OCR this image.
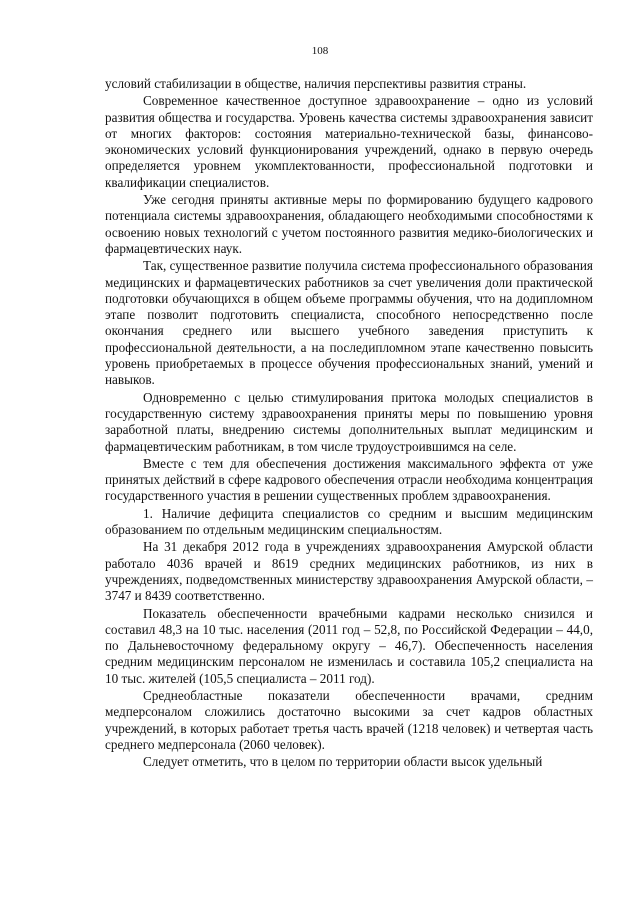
108

условий стабилизации в обществе, наличия перспективы развития страны.

Современное качественное доступное здравоохранение – одно из условий развития общества и государства. Уровень качества системы здравоохранения зависит от многих факторов: состояния материально-технической базы, финансово-экономических условий функционирования учреждений, однако в первую очередь определяется уровнем укомплектованности, профессиональной подготовки и квалификации специалистов.

Уже сегодня приняты активные меры по формированию будущего кадрового потенциала системы здравоохранения, обладающего необходимыми способностями к освоению новых технологий с учетом постоянного развития медико-биологических и фармацевтических наук.

Так, существенное развитие получила система профессионального образования медицинских и фармацевтических работников за счет увеличения доли практической подготовки обучающихся в общем объеме программы обучения, что на додипломном этапе позволит подготовить специалиста, способного непосредственно после окончания среднего или высшего учебного заведения приступить к профессиональной деятельности, а на последипломном этапе качественно повысить уровень приобретаемых в процессе обучения профессиональных знаний, умений и навыков.

Одновременно с целью стимулирования притока молодых специалистов в государственную систему здравоохранения приняты меры по повышению уровня заработной платы, внедрению системы дополнительных выплат медицинским и фармацевтическим работникам, в том числе трудоустроившимся на селе.

Вместе с тем для обеспечения достижения максимального эффекта от уже принятых действий в сфере кадрового обеспечения отрасли необходима концентрация государственного участия в решении существенных проблем здравоохранения.

1. Наличие дефицита специалистов со средним и высшим медицинским образованием по отдельным медицинским специальностям.

На 31 декабря 2012 года в учреждениях здравоохранения Амурской области работало 4036 врачей и 8619 средних медицинских работников, из них в учреждениях, подведомственных министерству здравоохранения Амурской области, – 3747 и 8439 соответственно.

Показатель обеспеченности врачебными кадрами несколько снизился и составил 48,3 на 10 тыс. населения (2011 год – 52,8, по Российской Федерации – 44,0, по Дальневосточному федеральному округу – 46,7). Обеспеченность населения средним медицинским персоналом не изменилась и составила 105,2 специалиста на 10 тыс. жителей (105,5 специалиста – 2011 год).

Среднеобластные показатели обеспеченности врачами, средним медперсоналом сложились достаточно высокими за счет кадров областных учреждений, в которых работает третья часть врачей (1218 человек) и четвертая часть среднего медперсонала (2060 человек).

Следует отметить, что в целом по территории области высок удельный
